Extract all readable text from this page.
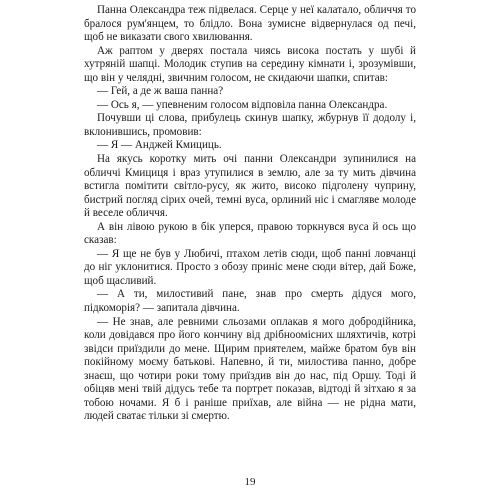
Панна Олександра теж підвелася. Серце у неї калатало, обличчя то бралося рум'янцем, то блідло. Вона зумисне відвернулася од печі, щоб не виказати свого хвилювання.

Аж раптом у дверях постала чиясь висока постать у шубі й хутряній шапці. Молодик ступив на середину кімнати і, зрозумівши, що він у челядні, звичним голосом, не скидаючи шапки, спитав:

— Гей, а де ж ваша панна?

— Ось я, — упевненим голосом відповіла панна Олександра.

Почувши ці слова, прибулець скинув шапку, жбурнув її додолу і, вклонившись, промовив:

— Я — Анджей Кмициць.

На якусь коротку мить очі панни Олександри зупинилися на обличчі Кмициця і враз утупилися в землю, але за ту мить дівчина встигла помітити світло-русу, як жито, високо підголену чуприну, бистрий погляд сірих очей, темні вуса, орлиний ніс і смагляве молоде й веселе обличчя.

А він лівою рукою в бік уперся, правою торкнувся вуса й ось що сказав:

— Я ще не був у Любичі, птахом летів сюди, щоб панні ловчанці до ніг уклонитися. Просто з обозу приніс мене сюди вітер, дай Боже, щоб щасливий.

— А ти, милостивий пане, знав про смерть дідуся мого, підкоморія? — запитала дівчина.

— Не знав, але ревними сльозами оплакав я мого добродійника, коли довідався про його кончину від дрібноомісних шляхтичів, котрі звідси приїздили до мене. Щирим приятелем, майже братом був він покійному моєму батькові. Напевно, й ти, милостива панно, добре знаєш, що чотири роки тому приїздив він до нас, під Оршу. Тоді й обіцяв мені твій дідусь тебе та портрет показав, відтоді й зітхаю я за тобою ночами. Я б і раніше приїхав, але війна — не рідна мати, людей сватає тільки зі смертю.

19
